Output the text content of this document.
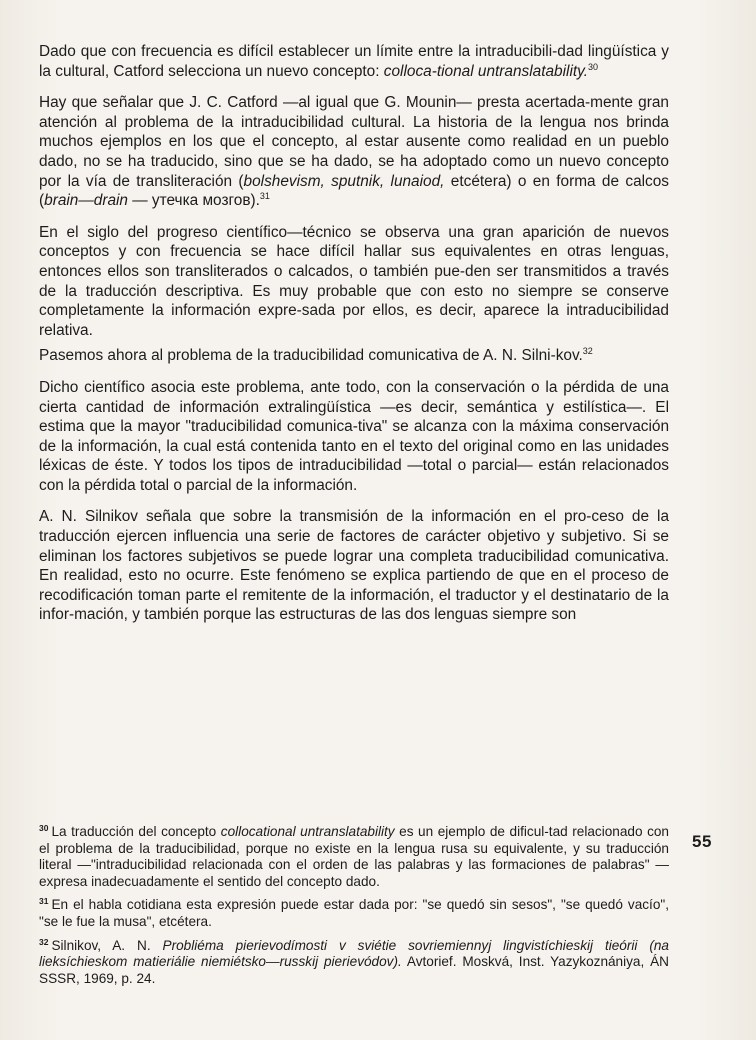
Dado que con frecuencia es difícil establecer un límite entre la intraducibili-dad lingüística y la cultural, Catford selecciona un nuevo concepto: colloca-tional untranslatability.$^{30}$

Hay que señalar que J. C. Catford —al igual que G. Mounin— presta acertada-mente gran atención al problema de la intraducibilidad cultural. La historia de la lengua nos brinda muchos ejemplos en los que el concepto, al estar ausente como realidad en un pueblo dado, no se ha traducido, sino que se ha dado, se ha adoptado como un nuevo concepto por la vía de transliteración (bolshevism, sputnik, lunaiod, etcétera) o en forma de calcos (brain—drain — утечка мозгов).$^{31}$

En el siglo del progreso científico—técnico se observa una gran aparición de nuevos conceptos y con frecuencia se hace difícil hallar sus equivalentes en otras lenguas, entonces ellos son transliterados o calcados, o también pue-den ser transmitidos a través de la traducción descriptiva. Es muy probable que con esto no siempre se conserve completamente la información expre-sada por ellos, es decir, aparece la intraducibilidad relativa.

Pasemos ahora al problema de la traducibilidad comunicativa de A. N. Silni-kov.$^{32}$

Dicho científico asocia este problema, ante todo, con la conservación o la pérdida de una cierta cantidad de información extralingüística —es decir, semántica y estilística—. El estima que la mayor "traducibilidad comunica-tiva" se alcanza con la máxima conservación de la información, la cual está contenida tanto en el texto del original como en las unidades léxicas de éste. Y todos los tipos de intraducibilidad —total o parcial— están relacionados con la pérdida total o parcial de la información.

A. N. Silnikov señala que sobre la transmisión de la información en el pro-ceso de la traducción ejercen influencia una serie de factores de carácter objetivo y subjetivo. Si se eliminan los factores subjetivos se puede lograr una completa traducibilidad comunicativa. En realidad, esto no ocurre. Este fenómeno se explica partiendo de que en el proceso de recodificación toman parte el remitente de la información, el traductor y el destinatario de la infor-mación, y también porque las estructuras de las dos lenguas siempre son

$^{30}$ La traducción del concepto collocational untranslatability es un ejemplo de dificul-tad relacionado con el problema de la traducibilidad, porque no existe en la lengua rusa su equivalente, y su traducción literal —"intraducibilidad relacionada con el orden de las palabras y las formaciones de palabras" —expresa inadecuadamente el sentido del concepto dado.
$^{31}$ En el habla cotidiana esta expresión puede estar dada por: "se quedó sin sesos", "se quedó vacío", "se le fue la musa", etcétera.
$^{32}$ Silnikov, A. N. Probliéma pierievodímosti v sviétie sovriemiennyj lingvistíchieskij tieórii (na lieksíchieskom matieriálie niemiétsko—russkij pierievódov). Avtorief. Moskvá, Inst. Yazykoznániya, ÁN SSSR, 1969, p. 24.
55
